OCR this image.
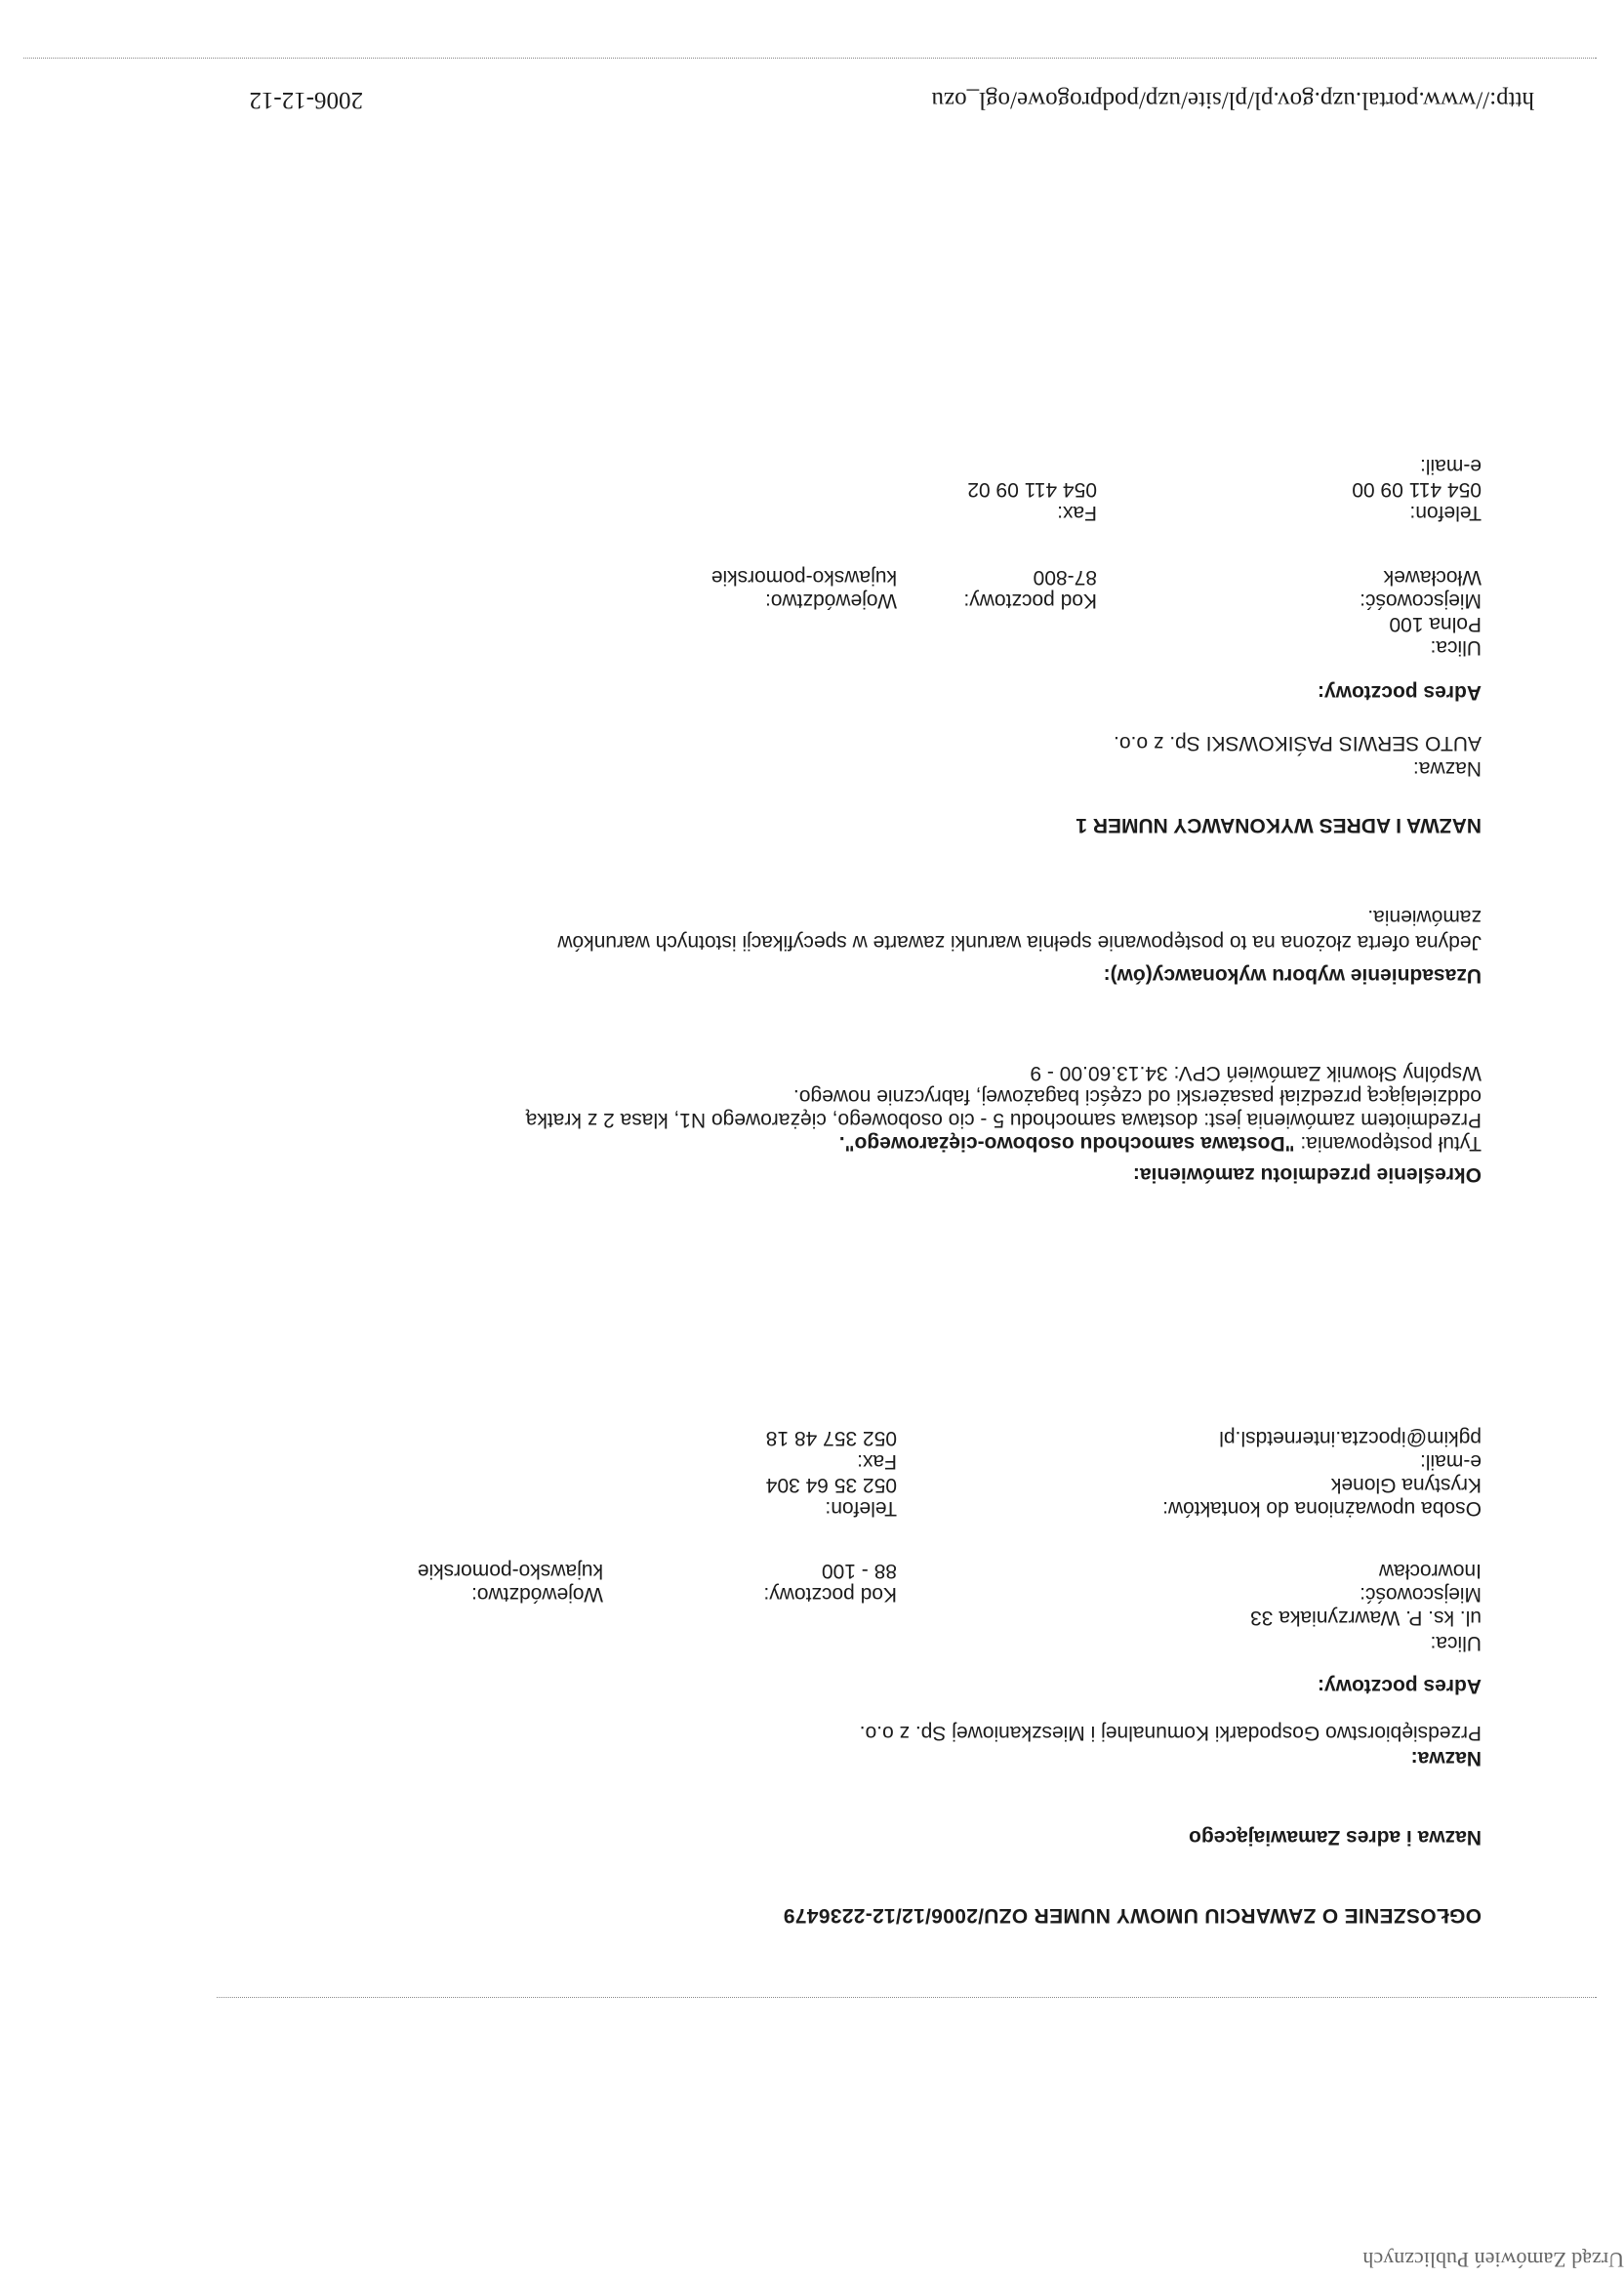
Urząd Zamówień Publicznych
OGŁOSZENIE O ZAWARCIU UMOWY NUMER OZU/2006/12/12-2236479
Nazwa i adres Zamawiającego
Nazwa:
Przedsiębiorstwo Gospodarki Komunalnej i Mieszkaniowej Sp. z o.o.
Adres pocztowy:
Ulica:
ul. ks. P. Wawrzyniaka 33
Miejscowość:
Inowrocław
Kod pocztowy:
88 - 100
Województwo:
kujawsko-pomorskie
Osoba upoważniona do kontaktów:
Krystyna Glonek
e-mail:
pgkim@ipoczta.internetdsl.pl
Telefon:
052 35 64 304
Fax:
052 357 48 18
Określenie przedmiotu zamówienia:
Tytuł postępowania: "Dostawa samochodu osobowo-ciężarowego".
Przedmiotem zamówienia jest: dostawa samochodu 5 - cio osobowego, ciężarowego N1, klasa 2 z kratką
oddzielającą przedział pasażerski od części bagażowej, fabrycznie nowego.
Wspólny Słownik Zamówień CPV: 34.13.60.00 - 9
Uzasadnienie wyboru wykonawcy(ów):
Jedyna oferta złożona na to postępowanie spełnia warunki zawarte w specyfikacji istotnych warunków
zamówienia.
NAZWA I ADRES WYKONAWCY NUMER 1
Nazwa:
AUTO SERWIS PAŚIKOWSKI Sp. z o.o.
Adres pocztowy:
Ulica:
Polna 100
Miejscowość:
Włocławek
Kod pocztowy:
87-800
Województwo:
kujawsko-pomorskie
Telefon:
054 411 09 00
Fax:
054 411 09 02
e-mail:
http://www.portal.uzp.gov.pl/pl/site/uzp/podprogowe/ogl_ozu
2006-12-12
